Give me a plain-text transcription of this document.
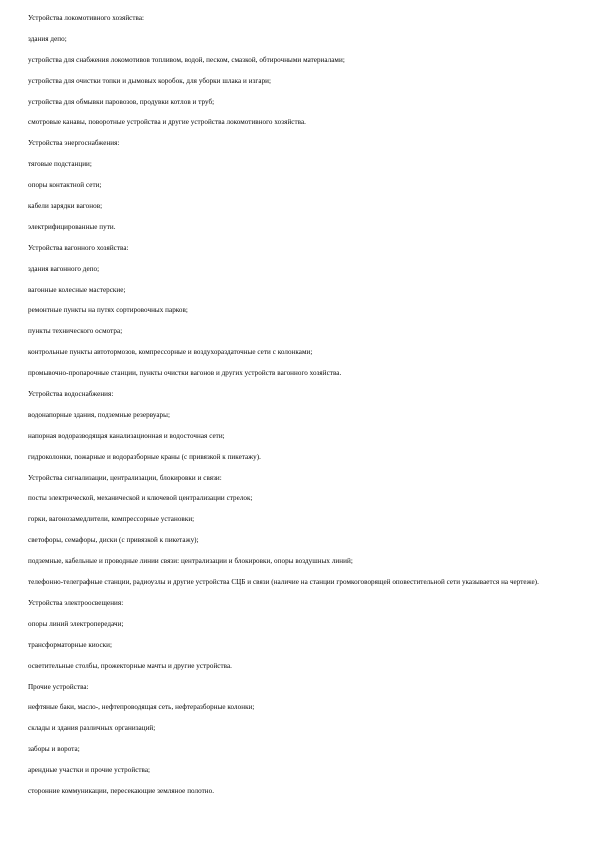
Устройства локомотивного хозяйства:
здания депо;
устройства для снабжения локомотивов топливом, водой, песком, смазкой, обтирочными материалами;
устройства для очистки топки и дымовых коробок, для уборки шлака и изгари;
устройства для обмывки паровозов, продувки котлов и труб;
смотровые канавы, поворотные устройства и другие устройства локомотивного хозяйства.
Устройства энергоснабжения:
тяговые подстанции;
опоры контактной сети;
кабели зарядки вагонов;
электрифицированные пути.
Устройства вагонного хозяйства:
здания вагонного депо;
вагонные колесные мастерские;
ремонтные пункты на путях сортировочных парков;
пункты технического осмотра;
контрольные пункты автотормозов, компрессорные и воздухораздаточные сети с колонками;
промывочно-пропарочные станции, пункты очистки вагонов и других устройств вагонного хозяйства.
Устройства водоснабжения:
водонапорные здания, подземные резервуары;
напорная водоразводящая канализационная и водосточная сети;
гидроколонки, пожарные и водоразборные краны (с привязкой к пикетажу).
Устройства сигнализации, централизации, блокировки и связи:
посты электрической, механической и ключевой централизации стрелок;
горки, вагонозамедлители, компрессорные установки;
светофоры, семафоры, диски (с привязкой к пикетажу);
подземные, кабельные и проводные линии связи: централизации и блокировки, опоры воздушных линий;
телефонно-телеграфные станции, радиоузлы и другие устройства СЦБ и связи (наличие на станции громкоговорящей оповестительной сети указывается на чертеже).
Устройства электроосвещения:
опоры линий электропередачи;
трансформаторные киоски;
осветительные столбы, прожекторные мачты и другие устройства.
Прочие устройства:
нефтяные баки, масло-, нефтепроводящая сеть, нефтеразборные колонки;
склады и здания различных организаций;
заборы и ворота;
арендные участки и прочие устройства;
сторонние коммуникации, пересекающие земляное полотно.
